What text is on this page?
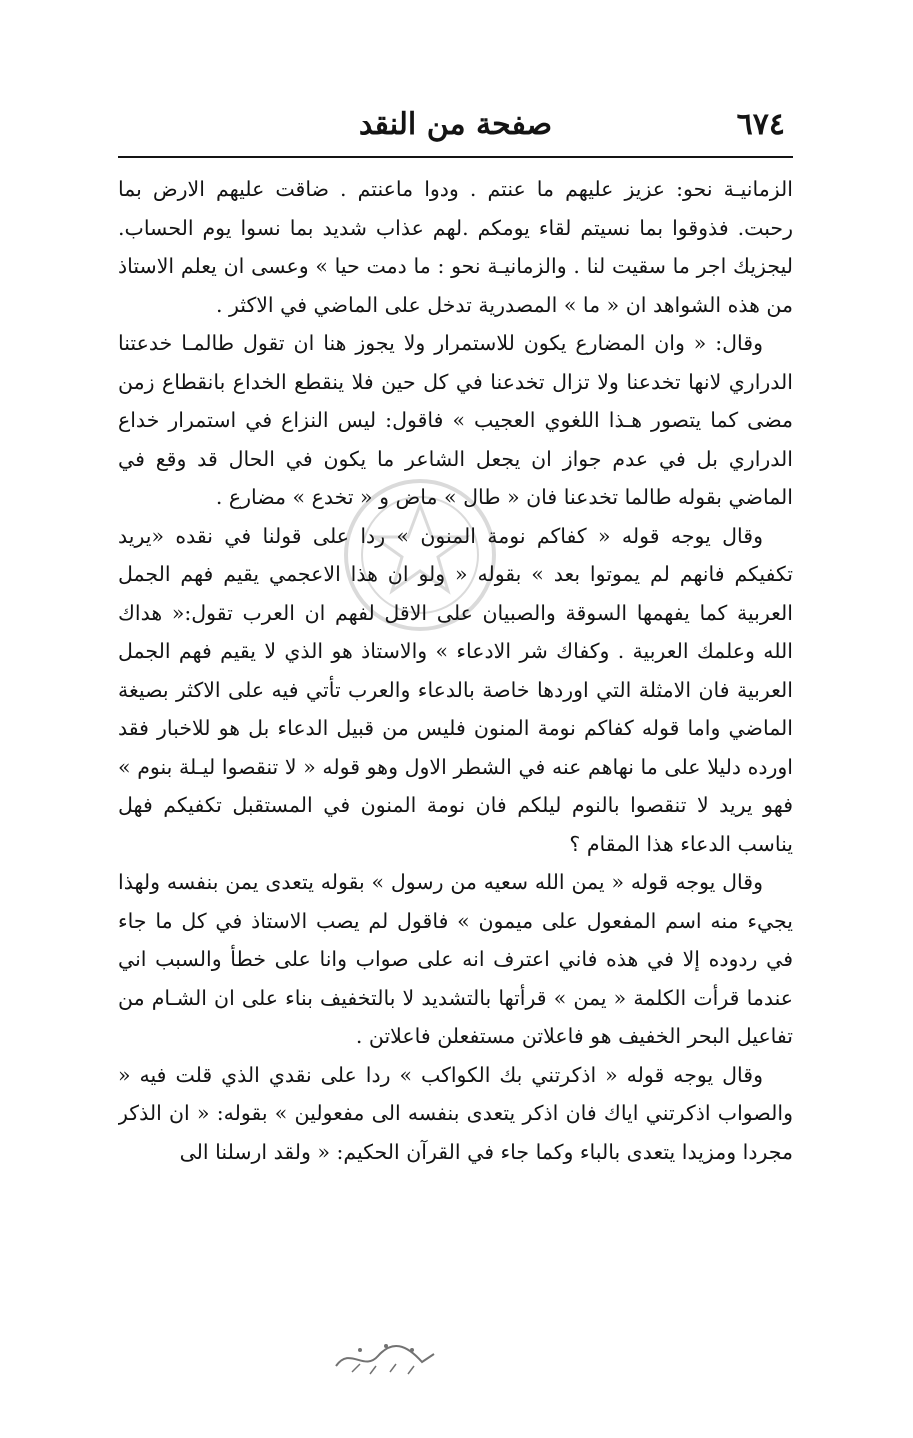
٦٧٤
صفحة من النقد

الزمانيـة نحو: عزيز عليهم ما عنتم . ودوا ماعنتم . ضاقت عليهم الارض بما رحبت. فذوقوا بما نسيتم لقاء يومكم .لهم عذاب شديد بما نسوا يوم الحساب. ليجزيك اجر ما سقيت لنا . والزمانيـة نحو : ما دمت حيا » وعسى ان يعلم الاستاذ من هذه الشواهد ان « ما » المصدرية تدخل على الماضي في الاكثر .

وقال: « وان المضارع يكون للاستمرار ولا يجوز هنا ان تقول طالمـا خدعتنا الدراري لانها تخدعنا ولا تزال تخدعنا في كل حين فلا ينقطع الخداع بانقطاع زمن مضى كما يتصور هـذا اللغوي العجيب » فاقول: ليس النزاع في استمرار خداع الدراري بل في عدم جواز ان يجعل الشاعر ما يكون في الحال قد وقع في الماضي بقوله طالما تخدعنا فان « طال » ماض و « تخدع » مضارع .

وقال يوجه قوله « كفاكم نومة المنون » ردا على قولنا في نقده «يريد تكفيكم فانهم لم يموتوا بعد » بقوله « ولو ان هذا الاعجمي يقيم فهم الجمل العربية كما يفهمها السوقة والصبيان على الاقل لفهم ان العرب تقول:« هداك الله وعلمك العربية . وكفاك شر الادعاء » والاستاذ هو الذي لا يقيم فهم الجمل العربية فان الامثلة التي اوردها خاصة بالدعاء والعرب تأتي فيه على الاكثر بصيغة الماضي واما قوله كفاكم نومة المنون فليس من قبيل الدعاء بل هو للاخبار فقد اورده دليلا على ما نهاهم عنه في الشطر الاول وهو قوله « لا تنقصوا ليـلة بنوم » فهو يريد لا تنقصوا بالنوم ليلكم فان نومة المنون في المستقبل تكفيكم فهل يناسب الدعاء هذا المقام ؟

وقال يوجه قوله « يمن الله سعيه من رسول » بقوله يتعدى يمن بنفسه ولهذا يجيء منه اسم المفعول على ميمون » فاقول لم يصب الاستاذ في كل ما جاء في ردوده إلا في هذه فاني اعترف انه على صواب وانا على خطأ والسبب اني عندما قرأت الكلمة « يمن » قرأتها بالتشديد لا بالتخفيف بناء على ان الشـام من تفاعيل البحر الخفيف هو فاعلاتن مستفعلن فاعلاتن .

وقال يوجه قوله « اذكرتني بك الكواكب » ردا على نقدي الذي قلت فيه « والصواب اذكرتني اياك فان اذكر يتعدى بنفسه الى مفعولين » بقوله: « ان الذكر مجردا ومزيدا يتعدى بالباء وكما جاء في القرآن الحكيم: « ولقد ارسلنا الى
